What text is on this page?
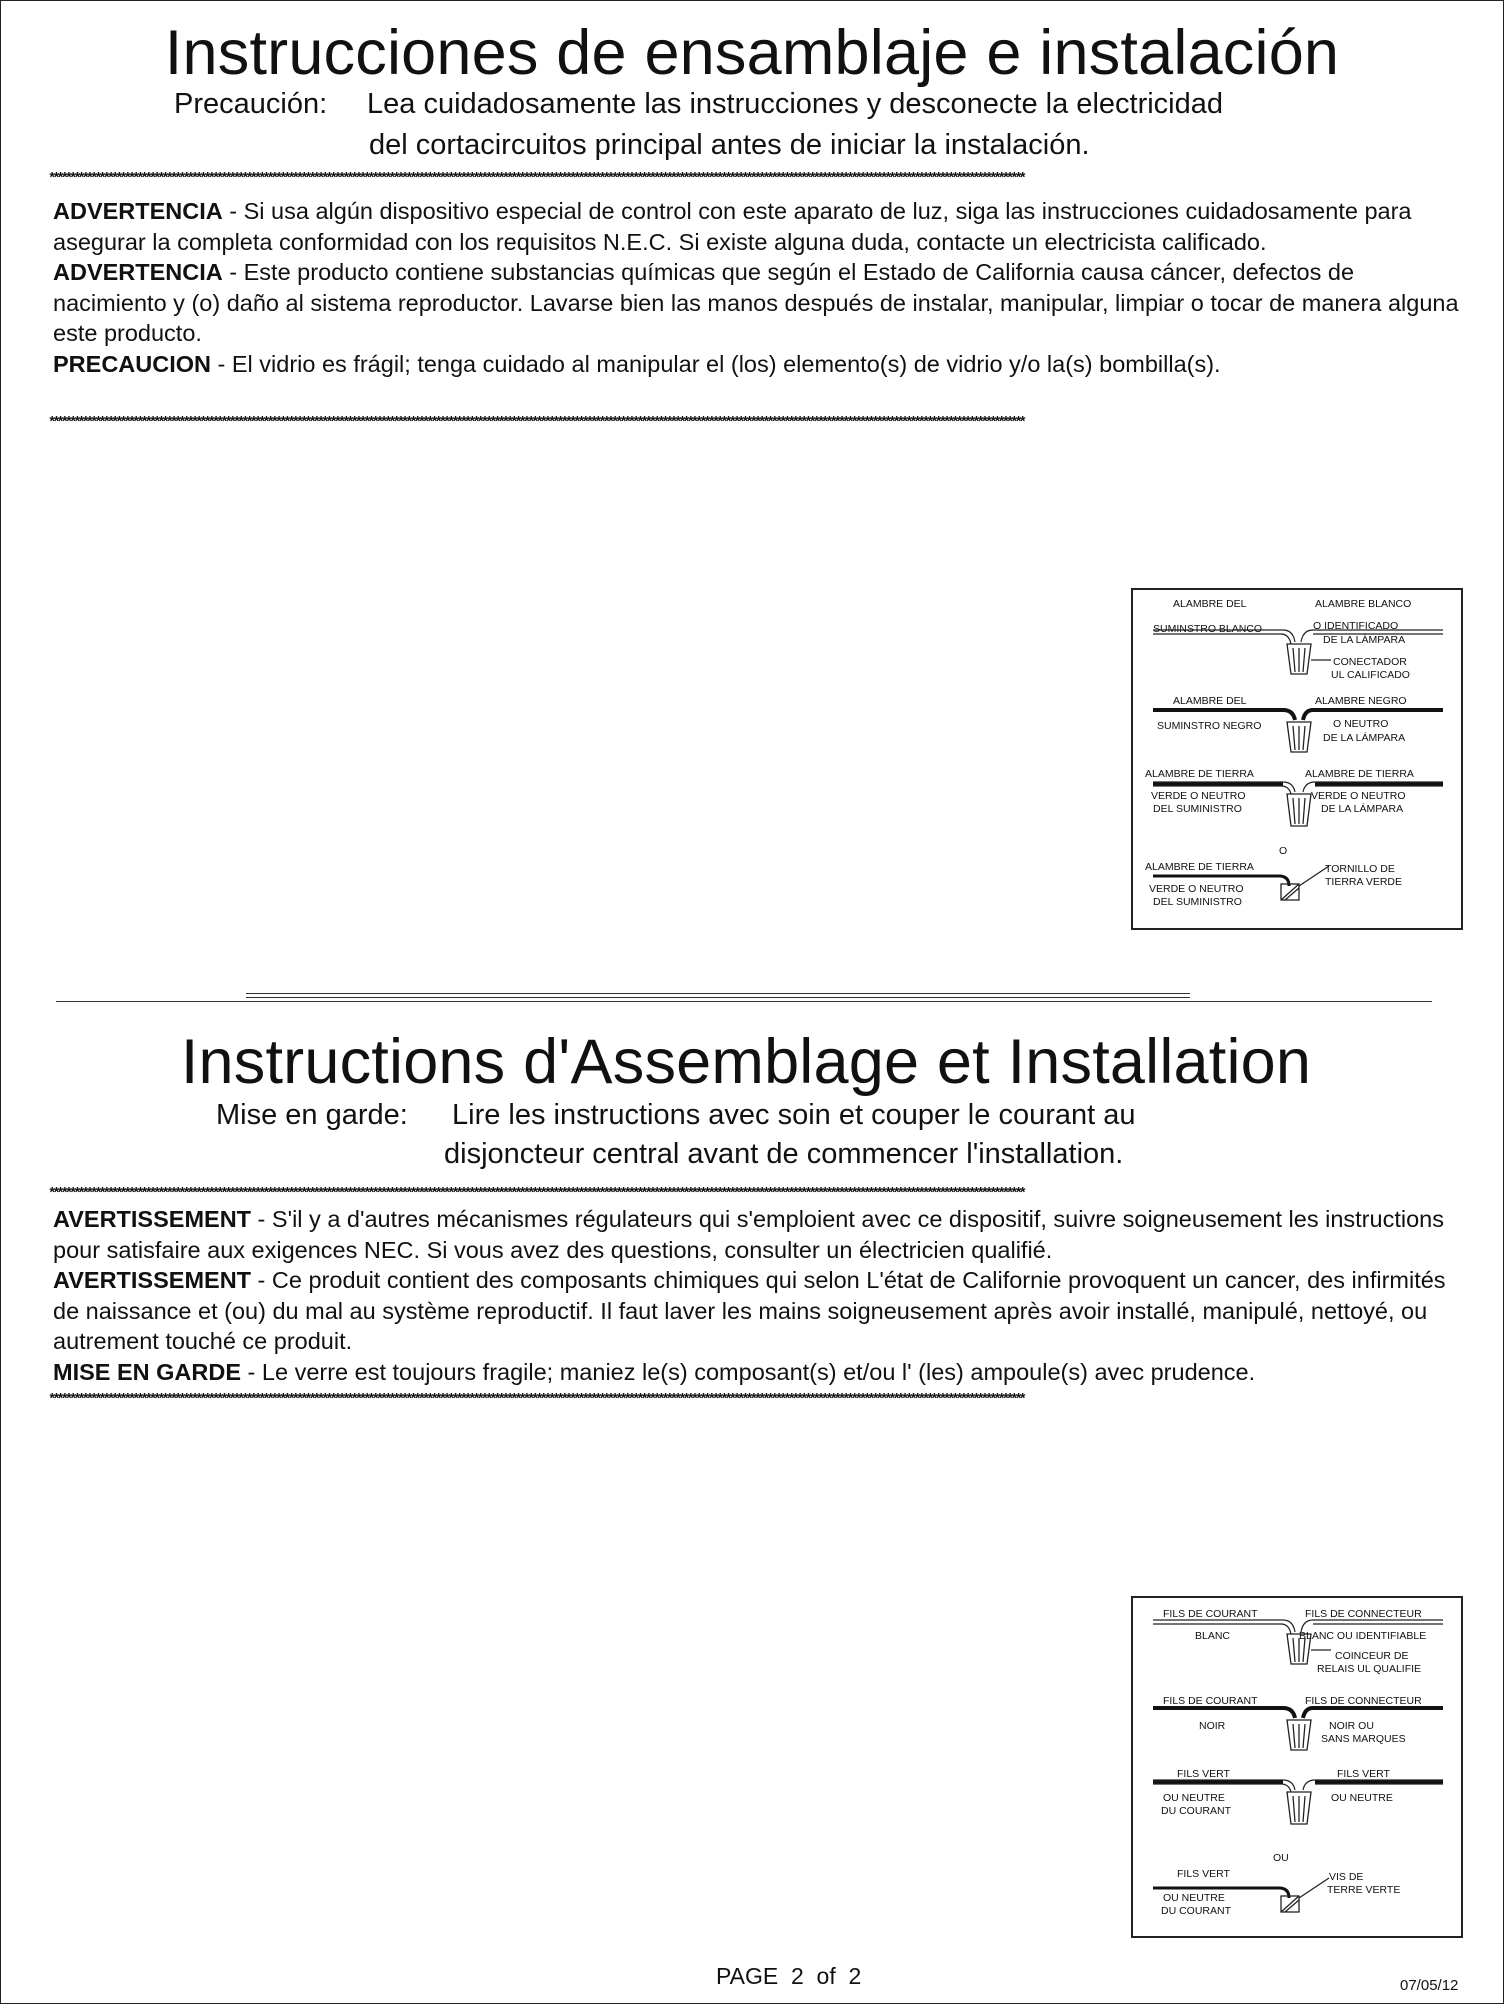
Instrucciones de ensamblaje e instalación
Precaución: Lea cuidadosamente las instrucciones y desconecte la electricidad
del cortacircuitos principal antes de iniciar la instalación.
****************************************************************************************************************************************************************************************************************************************

ADVERTENCIA - Si usa algún dispositivo especial de control con este aparato de luz, siga las instrucciones cuidadosamente para asegurar la completa conformidad con los requisitos N.E.C. Si existe alguna duda, contacte un electricista calificado.

ADVERTENCIA - Este producto contiene substancias químicas que según el Estado de California causa cáncer, defectos de nacimiento y (o) daño al sistema reproductor. Lavarse bien las manos después de instalar, manipular, limpiar o tocar de manera alguna este producto.

PRECAUCION - El vidrio es frágil; tenga cuidado al manipular el (los) elemento(s) de vidrio y/o la(s) bombilla(s).

****************************************************************************************************************************************************************************************************************************************
ALAMBRE DEL
SUMINSTRO BLANCO
ALAMBRE BLANCO
O IDENTIFICADO
DE LA LÁMPARA
CONECTADOR
UL CALIFICADO
ALAMBRE DEL
SUMINSTRO NEGRO
ALAMBRE NEGRO
O NEUTRO
DE LA LÁMPARA
ALAMBRE DE TIERRA
VERDE O NEUTRO
DEL SUMINISTRO
ALAMBRE DE TIERRA
VERDE O NEUTRO
DE LA LÁMPARA
O
ALAMBRE DE TIERRA
VERDE O NEUTRO
DEL SUMINISTRO
TORNILLO DE
TIERRA VERDE
Instructions d'Assemblage et Installation
Mise en garde: Lire les instructions avec soin et couper le courant au
disjoncteur central avant de commencer l'installation.
****************************************************************************************************************************************************************************************************************************************

AVERTISSEMENT - S'il y a d'autres mécanismes régulateurs qui s'emploient avec ce dispositif, suivre soigneusement les instructions pour satisfaire aux exigences NEC. Si vous avez des questions, consulter un électricien qualifié.

AVERTISSEMENT - Ce produit contient des composants chimiques qui selon L'état de Californie provoquent un cancer, des infirmités de naissance et (ou) du mal au système reproductif. Il faut laver les mains soigneusement après avoir installé, manipulé, nettoyé, ou autrement touché ce produit.

MISE EN GARDE - Le verre est toujours fragile; maniez le(s) composant(s) et/ou l' (les) ampoule(s) avec prudence.

****************************************************************************************************************************************************************************************************************************************
FILS DE COURANT
BLANC
FILS DE CONNECTEUR
BLANC OU IDENTIFIABLE
COINCEUR DE
RELAIS UL QUALIFIE
FILS DE COURANT
NOIR
FILS DE CONNECTEUR
NOIR OU
SANS MARQUES
FILS VERT
OU NEUTRE
DU COURANT
FILS VERT
OU NEUTRE
OU
FILS VERT
OU NEUTRE
DU COURANT
VIS DE
TERRE VERTE
PAGE  2  of  2	07/05/12
